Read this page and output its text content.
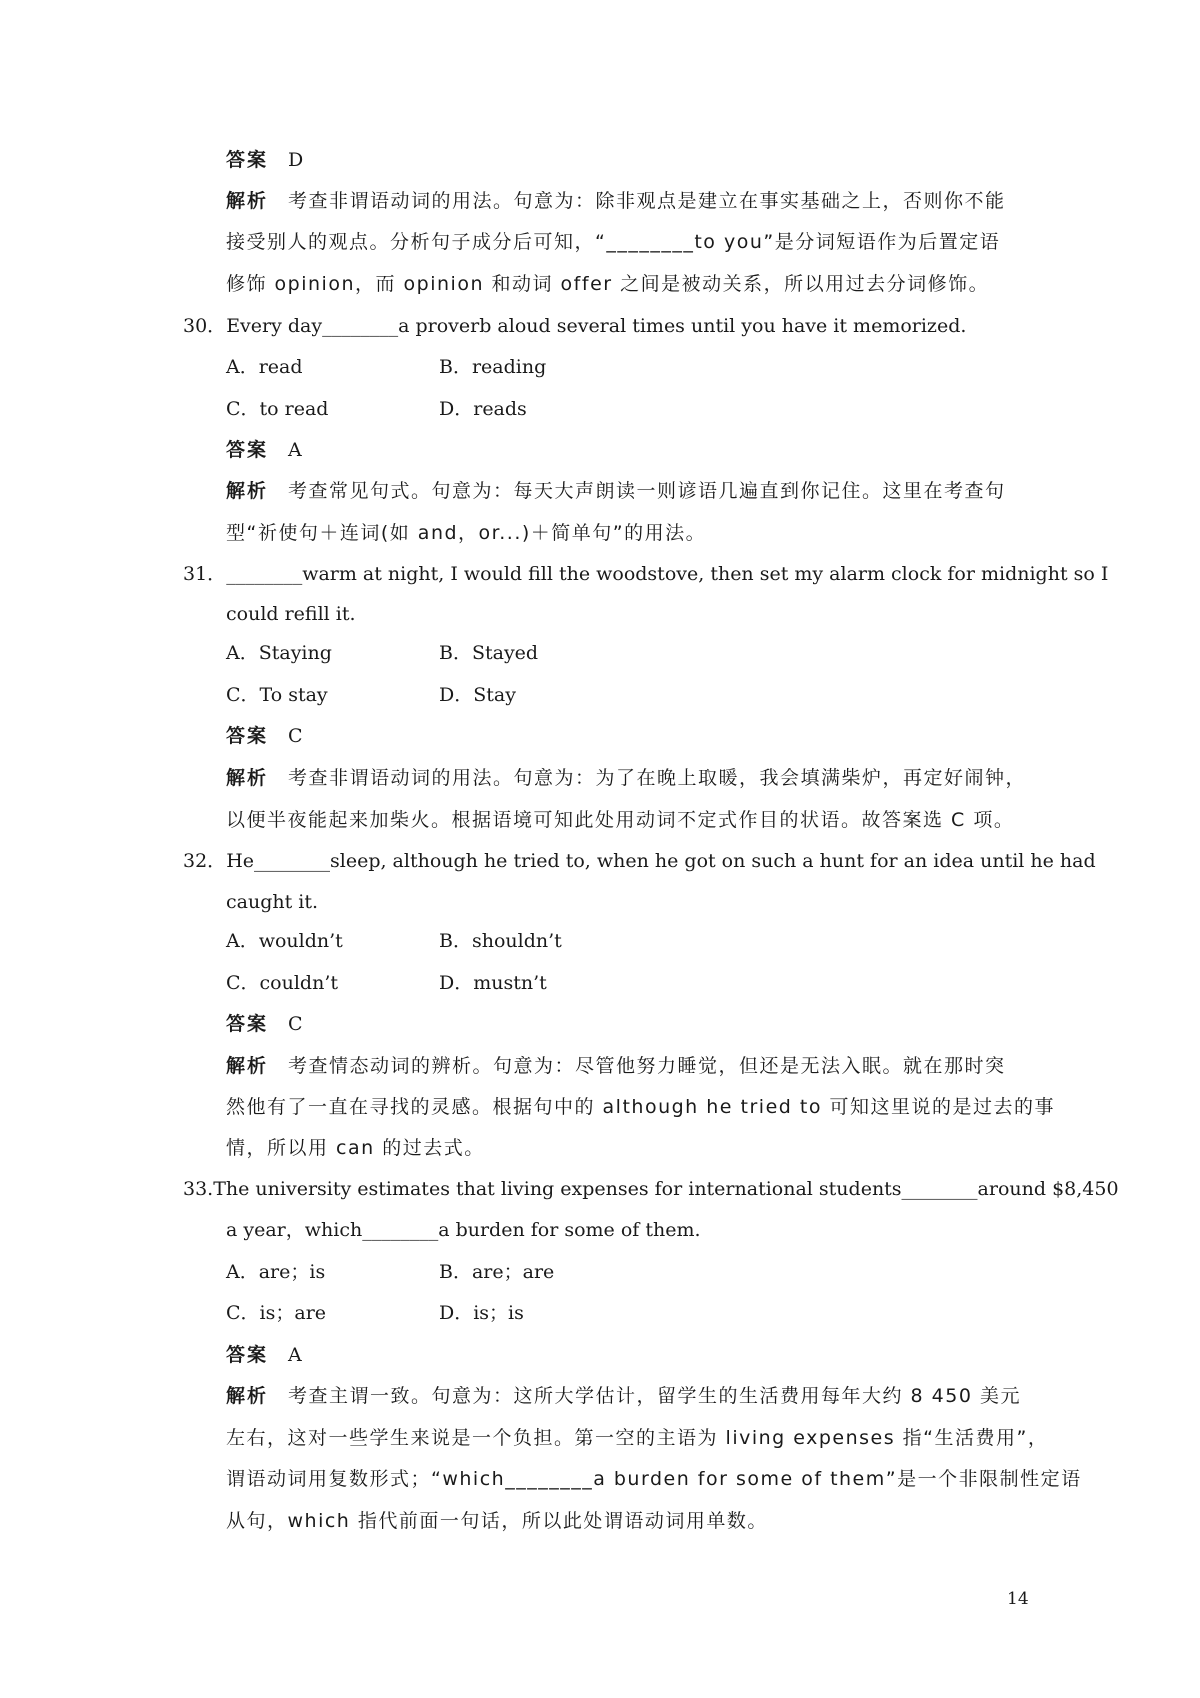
答案 D
解析 考查非谓语动词的用法。句意为：除非观点是建立在事实基础之上，否则你不能
接受别人的观点。分析句子成分后可知，“________to you”是分词短语作为后置定语
修饰 opinion，而 opinion 和动词 offer 之间是被动关系，所以用过去分词修饰。
30．Every day________a proverb aloud several times until you have it memorized.
A．read	B．reading
C．to read	D．reads
答案 A
解析 考查常见句式。句意为：每天大声朗读一则谚语几遍直到你记住。这里在考查句
型“祈使句＋连词(如 and，or...)＋简单句”的用法。
31．________warm at night, I would fill the woodstove, then set my alarm clock for midnight so I
could refill it.
A．Staying	B．Stayed
C．To stay	D．Stay
答案 C
解析 考查非谓语动词的用法。句意为：为了在晚上取暖，我会填满柴炉，再定好闹钟，
以便半夜能起来加柴火。根据语境可知此处用动词不定式作目的状语。故答案选 C 项。
32．He________sleep, although he tried to, when he got on such a hunt for an idea until he had
caught it.
A．wouldn’t	B．shouldn’t
C．couldn’t	D．mustn’t
答案 C
解析 考查情态动词的辨析。句意为：尽管他努力睡觉，但还是无法入眠。就在那时突
然他有了一直在寻找的灵感。根据句中的 although he tried to 可知这里说的是过去的事
情，所以用 can 的过去式。
33.The university estimates that living expenses for international students________around $8,450
a year，which________a burden for some of them.
A．are；is	B．are；are
C．is；are	D．is；is
答案 A
解析 考查主谓一致。句意为：这所大学估计，留学生的生活费用每年大约 8 450 美元
左右，这对一些学生来说是一个负担。第一空的主语为 living expenses 指“生活费用”，
谓语动词用复数形式；“which________a burden for some of them”是一个非限制性定语
从句，which 指代前面一句话，所以此处谓语动词用单数。
14
